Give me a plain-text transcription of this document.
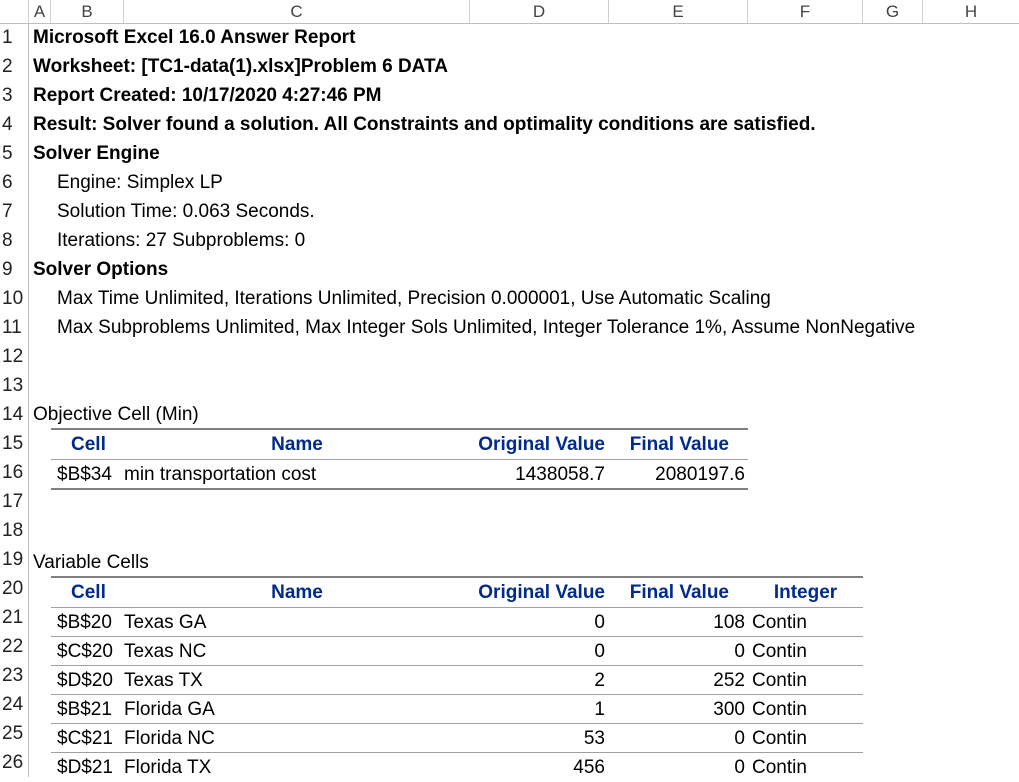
A	B	C	D	E	F	G	H
1
2
3
4
5
6
7
8
9
10
11
12
13
14
15
16
17
18
19
20
21
22
23
24
25
26
Microsoft Excel 16.0 Answer Report
Worksheet: [TC1-data(1).xlsx]Problem 6 DATA
Report Created: 10/17/2020 4:27:46 PM
Result: Solver found a solution. All Constraints and optimality conditions are satisfied.
Solver Engine
Engine: Simplex LP
Solution Time: 0.063 Seconds.
Iterations: 27 Subproblems: 0
Solver Options
Max Time Unlimited, Iterations Unlimited, Precision 0.000001, Use Automatic Scaling
Max Subproblems Unlimited, Max Integer Sols Unlimited, Integer Tolerance 1%, Assume NonNegative
Objective Cell (Min)
Cell	Name	Original Value	Final Value
$B$34 min transportation cost	1438058.7	2080197.6
Variable Cells
Cell	Name	Original Value	Final Value	Integer
$B$20 Texas GA	0	108 Contin
$C$20 Texas NC	0	0 Contin
$D$20 Texas TX	2	252 Contin
$B$21 Florida GA	1	300 Contin
$C$21 Florida NC	53	0 Contin
$D$21 Florida TX	456	0 Contin
